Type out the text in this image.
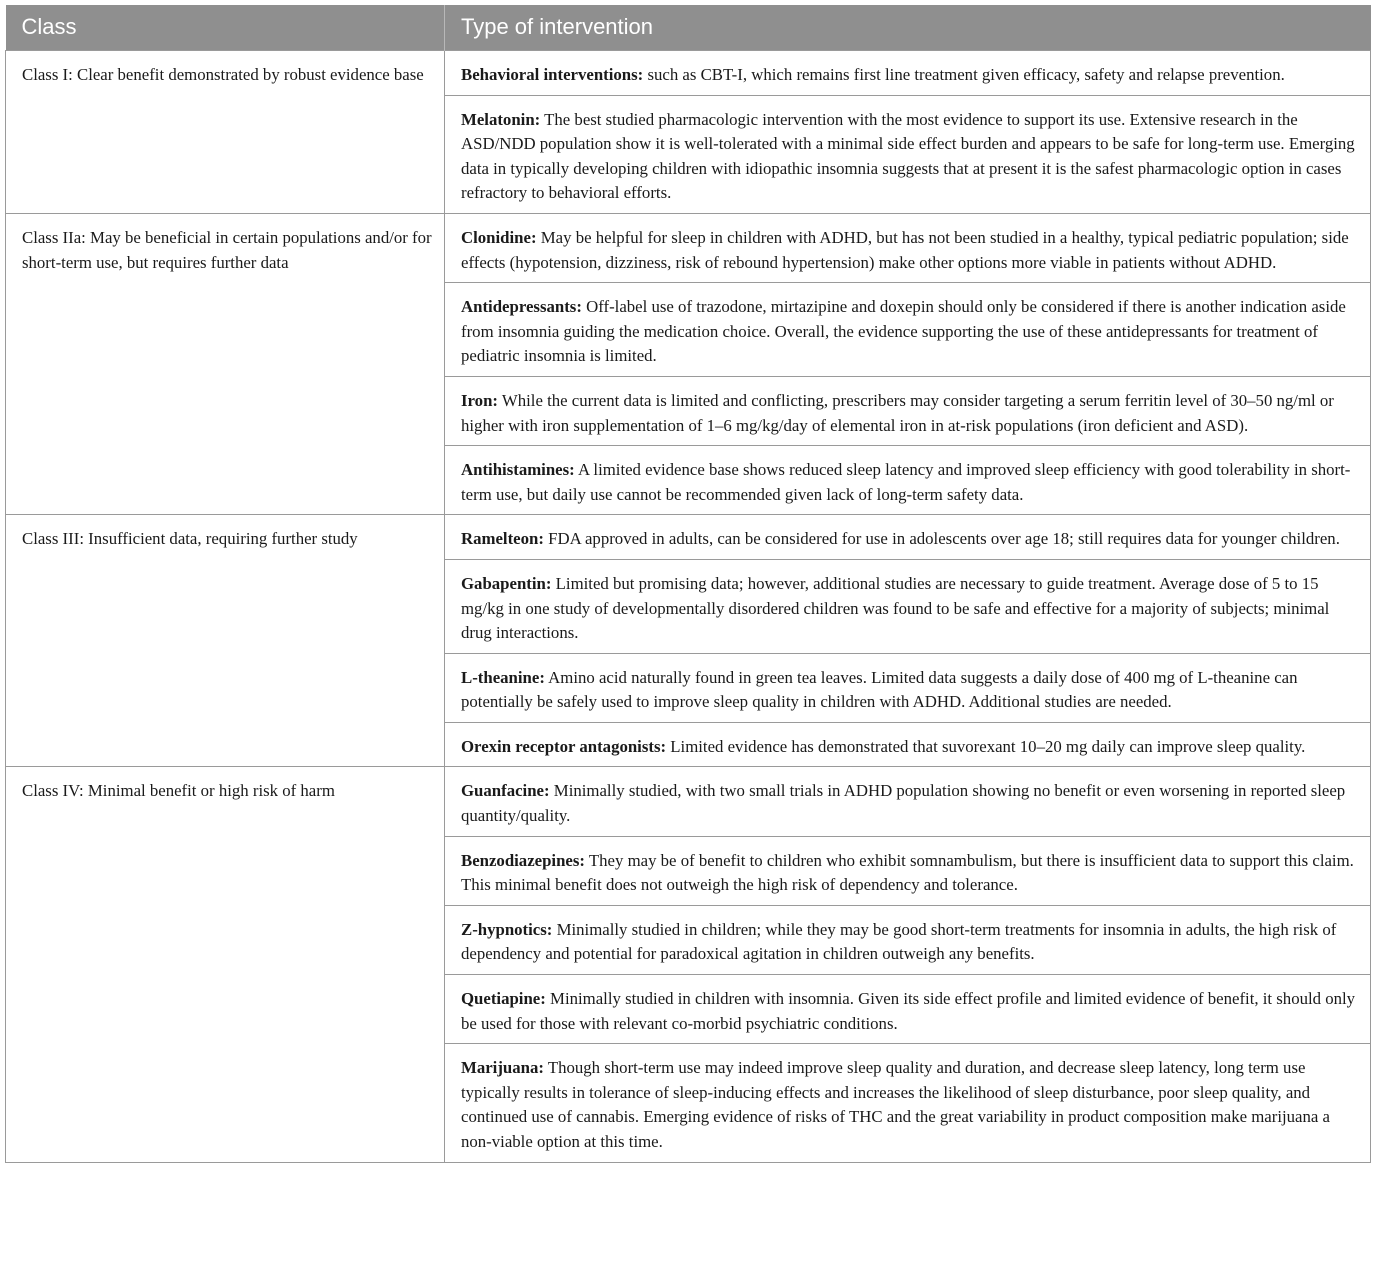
Class	Type of intervention
Class I: Clear benefit demonstrated by robust evidence base	Behavioral interventions: such as CBT-I, which remains first line treatment given efficacy, safety and relapse prevention.
	Melatonin: The best studied pharmacologic intervention with the most evidence to support its use. Extensive research in the ASD/NDD population show it is well-tolerated with a minimal side effect burden and appears to be safe for long-term use. Emerging data in typically developing children with idiopathic insomnia suggests that at present it is the safest pharmacologic option in cases refractory to behavioral efforts.
Class IIa: May be beneficial in certain populations and/or for short-term use, but requires further data	Clonidine: May be helpful for sleep in children with ADHD, but has not been studied in a healthy, typical pediatric population; side effects (hypotension, dizziness, risk of rebound hypertension) make other options more viable in patients without ADHD.
	Antidepressants: Off-label use of trazodone, mirtazipine and doxepin should only be considered if there is another indication aside from insomnia guiding the medication choice. Overall, the evidence supporting the use of these antidepressants for treatment of pediatric insomnia is limited.
	Iron: While the current data is limited and conflicting, prescribers may consider targeting a serum ferritin level of 30–50 ng/ml or higher with iron supplementation of 1–6 mg/kg/day of elemental iron in at-risk populations (iron deficient and ASD).
	Antihistamines: A limited evidence base shows reduced sleep latency and improved sleep efficiency with good tolerability in short-term use, but daily use cannot be recommended given lack of long-term safety data.
Class III: Insufficient data, requiring further study	Ramelteon: FDA approved in adults, can be considered for use in adolescents over age 18; still requires data for younger children.
	Gabapentin: Limited but promising data; however, additional studies are necessary to guide treatment. Average dose of 5 to 15 mg/kg in one study of developmentally disordered children was found to be safe and effective for a majority of subjects; minimal drug interactions.
	L-theanine: Amino acid naturally found in green tea leaves. Limited data suggests a daily dose of 400 mg of L-theanine can potentially be safely used to improve sleep quality in children with ADHD. Additional studies are needed.
	Orexin receptor antagonists: Limited evidence has demonstrated that suvorexant 10–20 mg daily can improve sleep quality.
Class IV: Minimal benefit or high risk of harm	Guanfacine: Minimally studied, with two small trials in ADHD population showing no benefit or even worsening in reported sleep quantity/quality.
	Benzodiazepines: They may be of benefit to children who exhibit somnambulism, but there is insufficient data to support this claim. This minimal benefit does not outweigh the high risk of dependency and tolerance.
	Z-hypnotics: Minimally studied in children; while they may be good short-term treatments for insomnia in adults, the high risk of dependency and potential for paradoxical agitation in children outweigh any benefits.
	Quetiapine: Minimally studied in children with insomnia. Given its side effect profile and limited evidence of benefit, it should only be used for those with relevant co-morbid psychiatric conditions.
	Marijuana: Though short-term use may indeed improve sleep quality and duration, and decrease sleep latency, long term use typically results in tolerance of sleep-inducing effects and increases the likelihood of sleep disturbance, poor sleep quality, and continued use of cannabis. Emerging evidence of risks of THC and the great variability in product composition make marijuana a non-viable option at this time.
